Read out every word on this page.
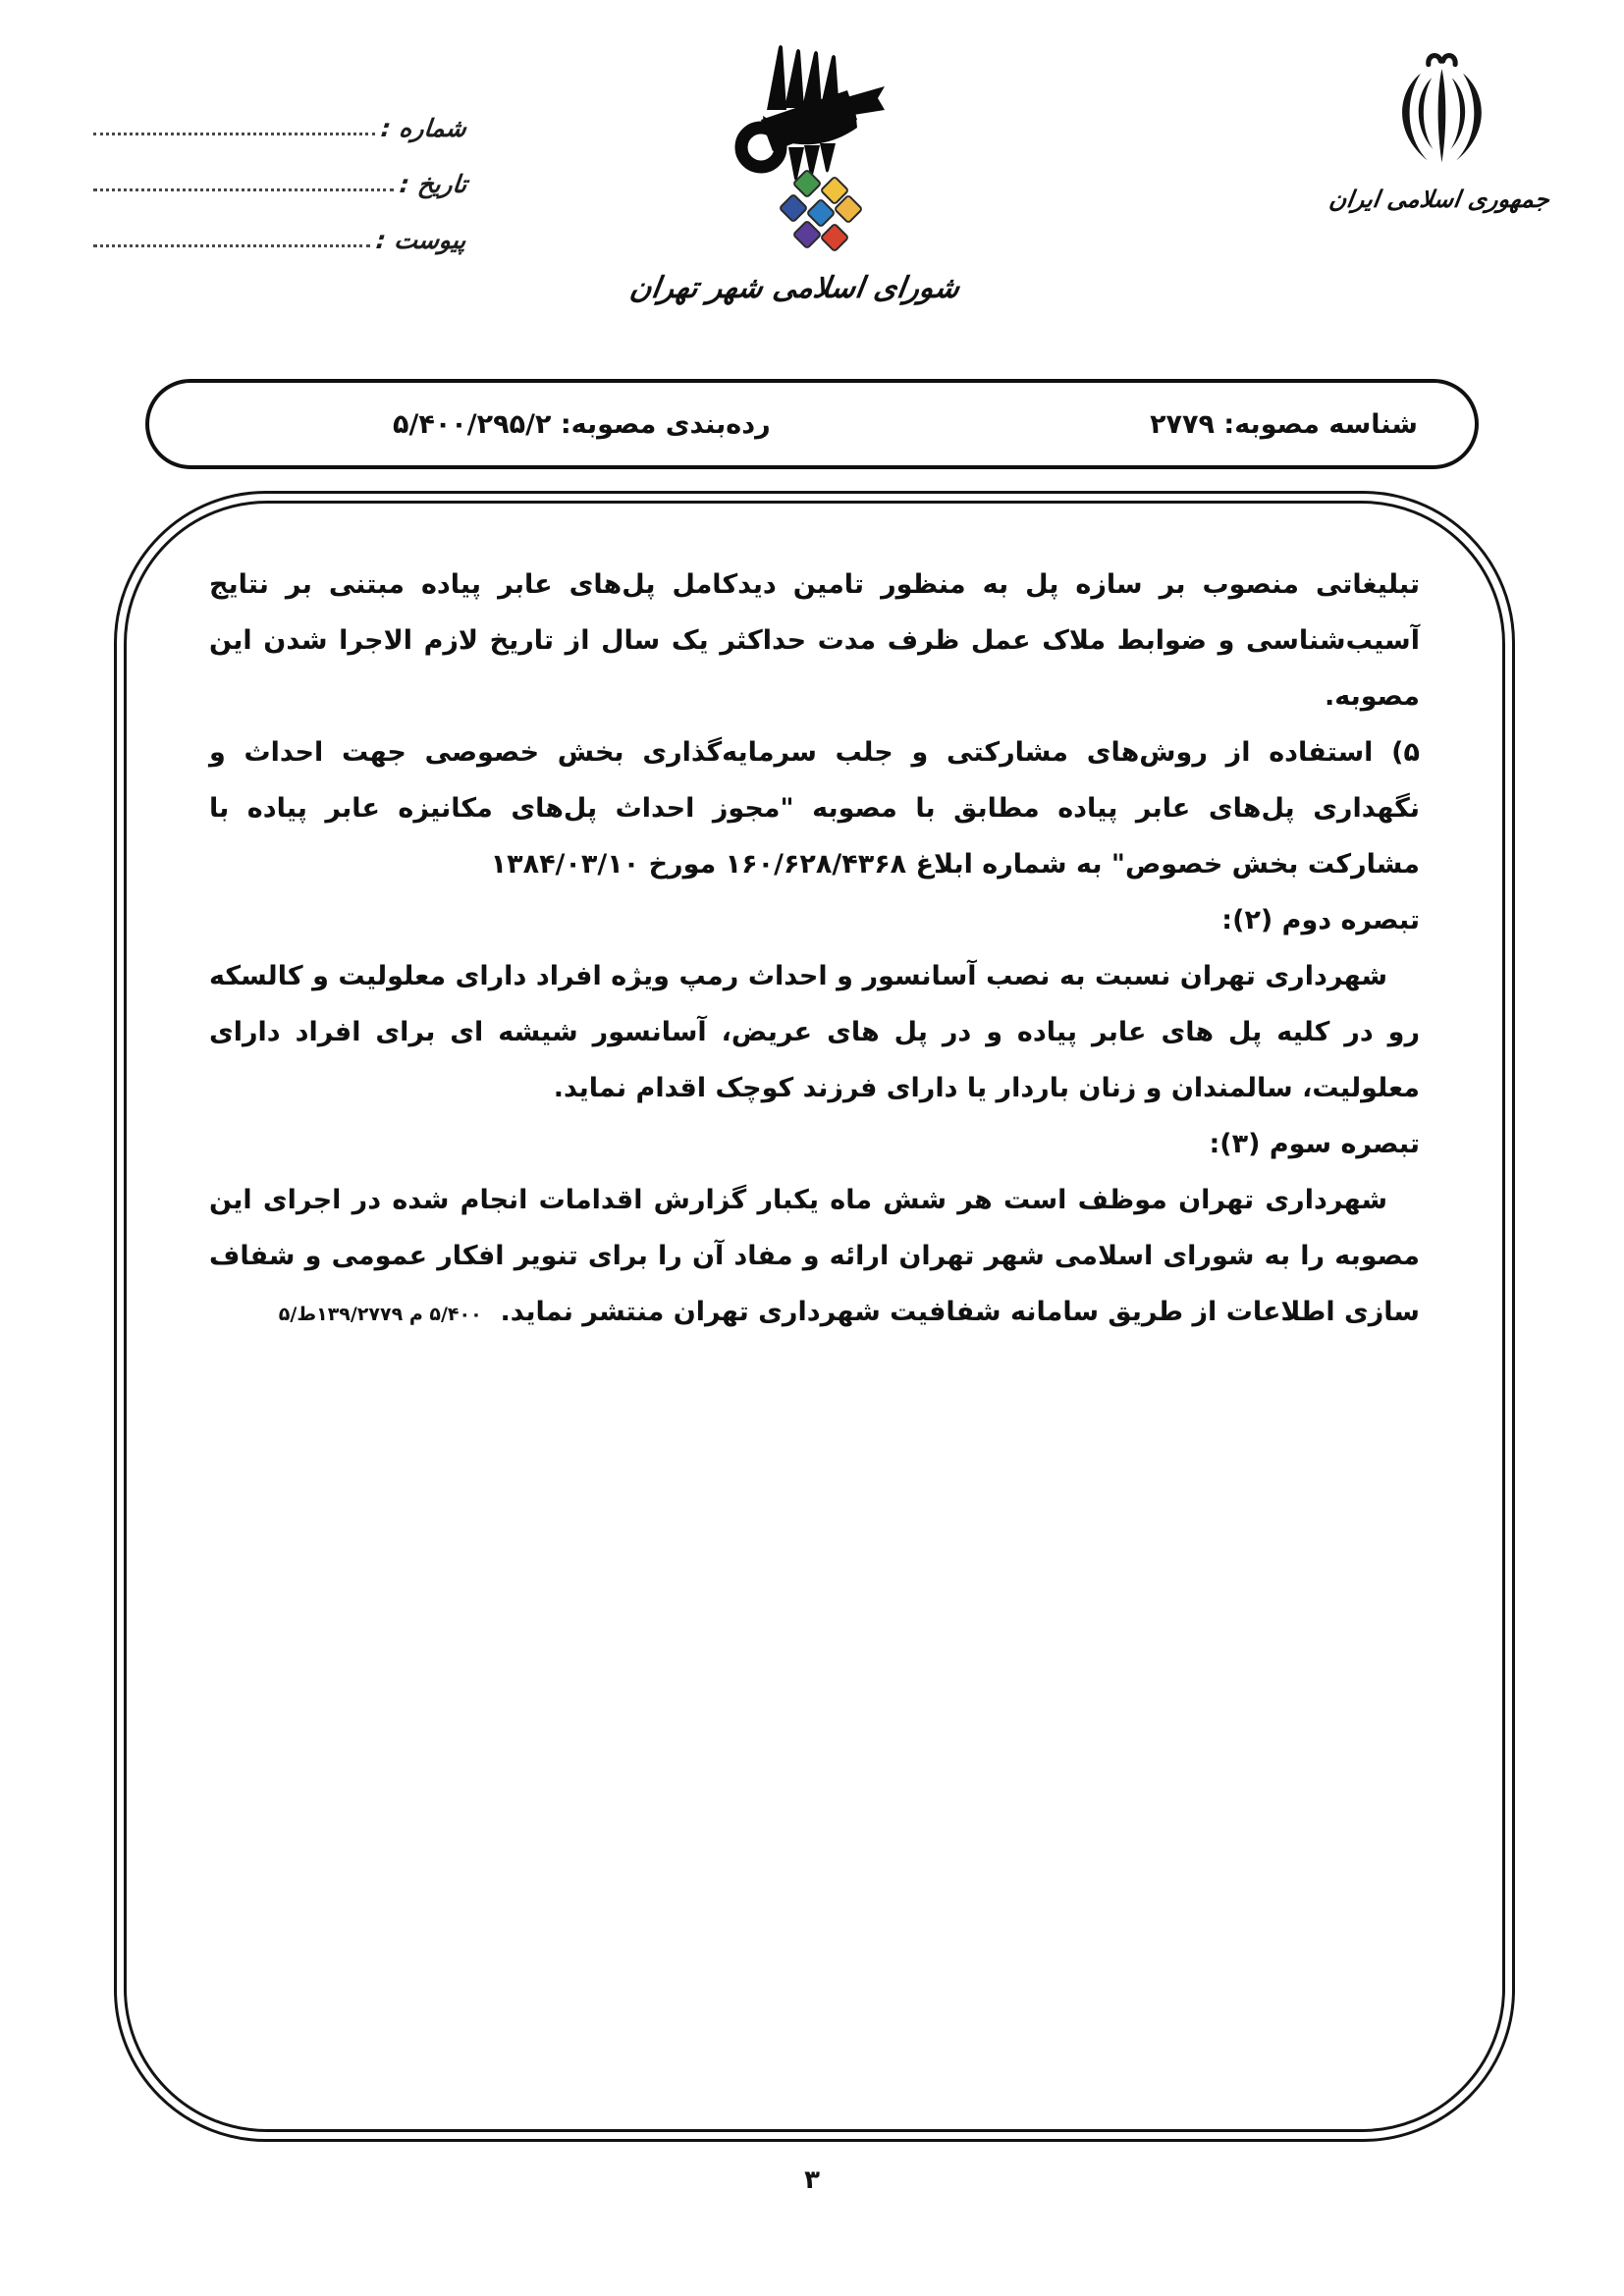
شماره :
تاریخ :
پیوست :
شورای اسلامی شهر تهران
جمهوری اسلامی ایران
شناسه مصوبه: ۲۷۷۹
رده‌بندی مصوبه: ۵/۴۰۰/۲۹۵/۲

تبلیغاتی منصوب بر سازه پل به منظور تامین دیدکامل پل‌های عابر پیاده مبتنی بر نتایج آسیب‌شناسی و ضوابط ملاک عمل ظرف مدت حداکثر یک سال از تاریخ لازم الاجرا شدن این مصوبه.

۵) استفاده از روش‌های مشارکتی و جلب سرمایه‌گذاری بخش خصوصی جهت احداث و نگهداری پل‌های عابر پیاده مطابق با مصوبه "مجوز احداث پل‌های مکانیزه عابر پیاده با مشارکت بخش خصوص" به شماره ابلاغ ۱۶۰/۶۲۸/۴۳۶۸ مورخ ۱۳۸۴/۰۳/۱۰

تبصره دوم (۲):

شهرداری تهران نسبت به نصب آسانسور و احداث رمپ ویژه افراد دارای معلولیت و کالسکه رو در کلیه پل های عابر پیاده و در پل های عریض، آسانسور شیشه ای برای افراد دارای معلولیت، سالمندان و زنان باردار یا دارای فرزند کوچک اقدام نماید.

تبصره سوم (۳):

شهرداری تهران موظف است هر شش ماه یکبار گزارش اقدامات انجام شده در اجرای این مصوبه را به شورای اسلامی شهر تهران ارائه و مفاد آن را برای تنویر افکار عمومی و شفاف سازی اطلاعات از طریق سامانه شفافیت شهرداری تهران منتشر نماید.  ۵/۴۰۰ م ۱۳۹/۲۷۷۹ط/۵

۳
